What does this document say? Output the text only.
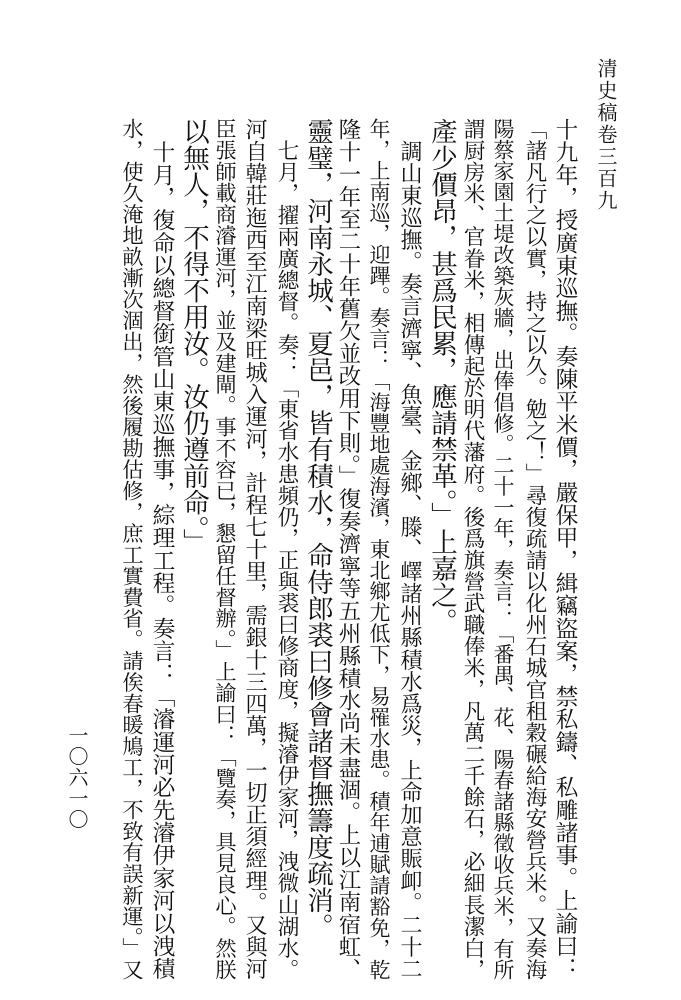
清史稿卷三百九
一〇六一〇	十九年，授廣東巡撫。奏陳平米價，嚴保甲，緝竊盜案，禁私鑄、私雕諸事。上諭曰：
「諸凡行之以實，持之以久。勉之！」尋復疏請以化州石城官租穀碾給海安營兵米。又奏海
陽蔡家園土堤改築灰牆，出俸倡修。二十一年，奏言：「番禺、花、陽春諸縣徵收兵米，有所
謂厨房米、官眷米，相傳起於明代藩府。後爲旗營武職俸米，凡萬二千餘石，必細長潔白，
產少價昂，甚爲民累，應請禁革。」上嘉之。
　調山東巡撫。奏言濟寧、魚臺、金鄉、滕、嶧諸州縣積水爲災，上命加意賑卹。二十二
年，上南巡，迎蹕。奏言：「海豐地處海濱，東北鄉尤低下，易罹水患。積年逋賦請豁免，乾
隆十一年至二十年舊欠並改用下則。」復奏濟寧等五州縣積水尚未盡涸。上以江南宿虹、
靈璧，河南永城、夏邑，皆有積水，命侍郎裘曰修會諸督撫籌度疏消。
　七月，擢兩廣總督。奏：「東省水患頻仍，正與裘曰修商度，擬濬伊家河，洩微山湖水。
河自韓莊迤西至江南梁旺城入運河，計程七十里，需銀十三四萬，一切正須經理。又與河
臣張師載商濬運河，並及建閘。事不容已，懇留任督辦。」上諭曰：「覽奏，具見良心。然朕
以無人，不得不用汝。汝仍遵前命。」
　十月，復命以總督銜管山東巡撫事，綜理工程。奏言：「濬運河必先濬伊家河以洩積
水，使久淹地畝漸次涸出，然後履勘估修，庶工實費省。請俟春暖鳩工，不致有誤新運。」又
